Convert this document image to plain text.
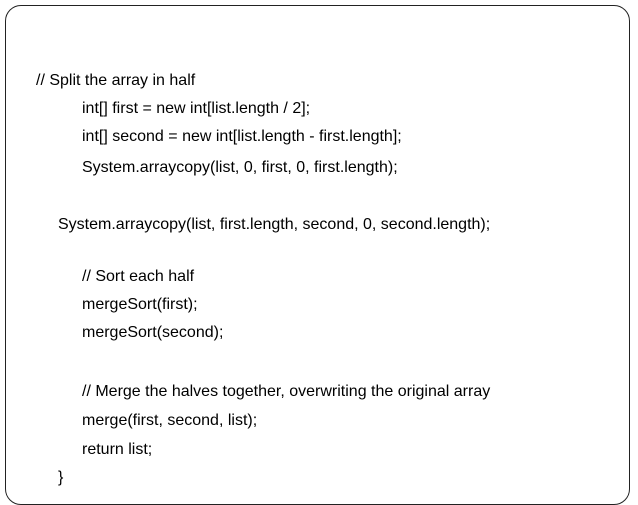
// Split the array in half
int[] first = new int[list.length / 2];
int[] second = new int[list.length - first.length];
System.arraycopy(list, 0, first, 0, first.length);
System.arraycopy(list, first.length, second, 0, second.length);
// Sort each half
mergeSort(first);
mergeSort(second);
// Merge the halves together, overwriting the original array
merge(first, second, list);
return list;
}
